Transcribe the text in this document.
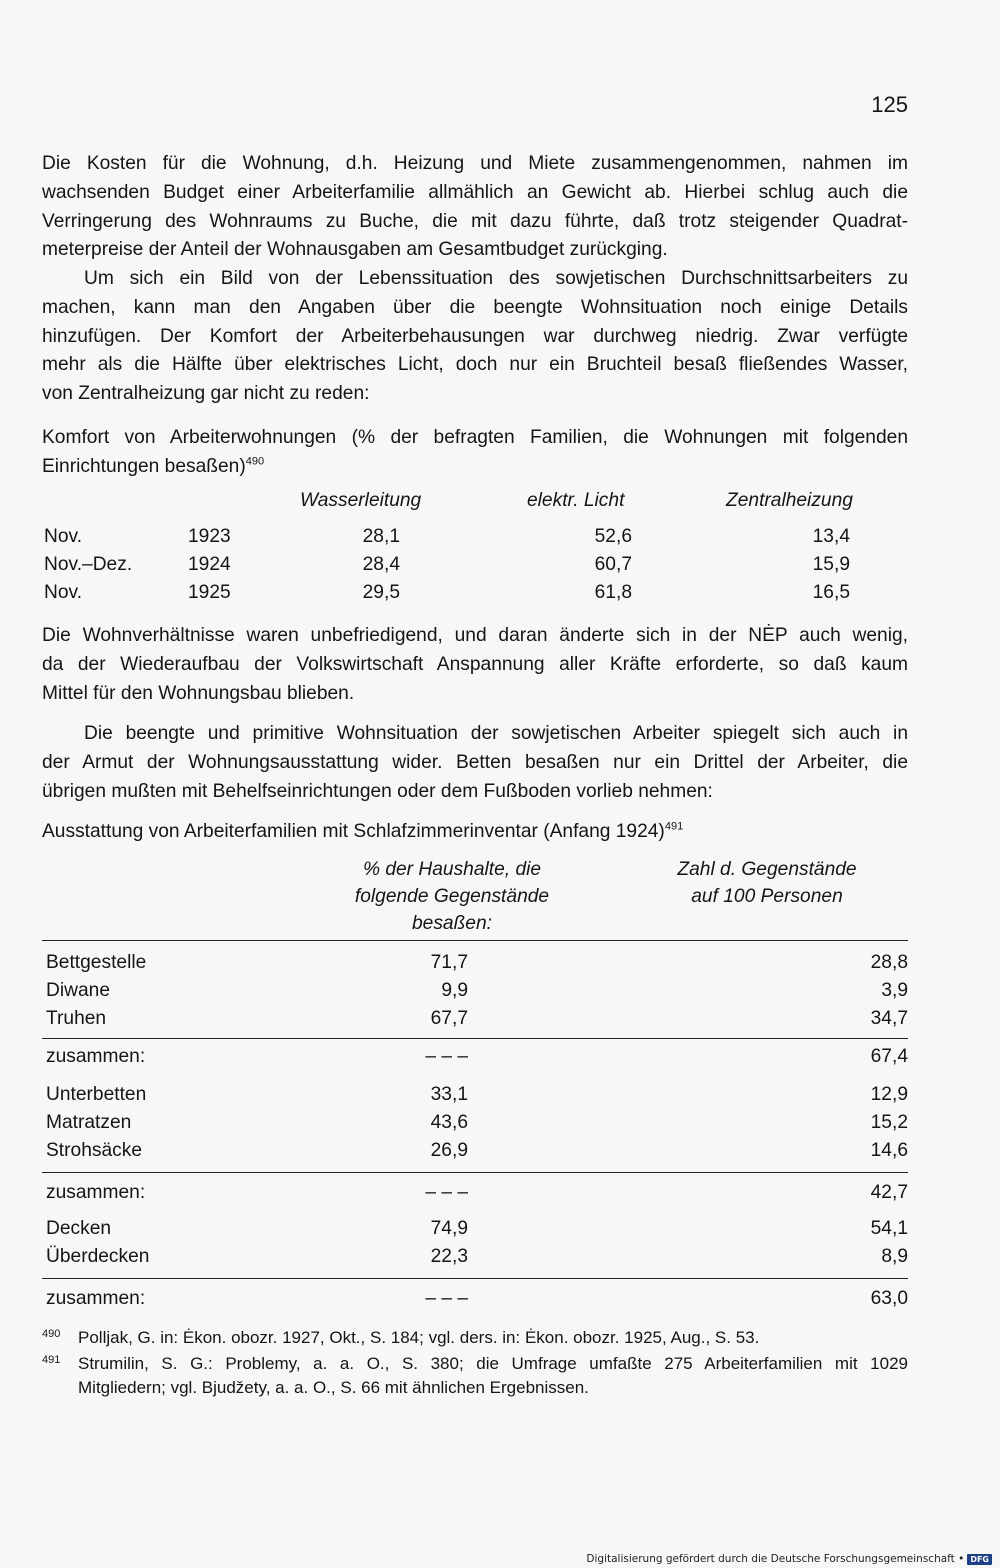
125
Die Kosten für die Wohnung, d.h. Heizung und Miete zusammengenommen, nahmen im
wachsenden Budget einer Arbeiterfamilie allmählich an Gewicht ab. Hierbei schlug auch die
Verringerung des Wohnraums zu Buche, die mit dazu führte, daß trotz steigender Quadrat-
meterpreise der Anteil der Wohnausgaben am Gesamtbudget zurückging.
Um sich ein Bild von der Lebenssituation des sowjetischen Durchschnittsarbeiters zu
machen, kann man den Angaben über die beengte Wohnsituation noch einige Details
hinzufügen. Der Komfort der Arbeiterbehausungen war durchweg niedrig. Zwar verfügte
mehr als die Hälfte über elektrisches Licht, doch nur ein Bruchteil besaß fließendes Wasser,
von Zentralheizung gar nicht zu reden:
Komfort von Arbeiterwohnungen (% der befragten Familien, die Wohnungen mit folgenden
Einrichtungen besaßen)$^{490}$
Wasserleitung	elektr. Licht	Zentralheizung
Nov.	1923	28,1	52,6	13,4
Nov.–Dez.	1924	28,4	60,7	15,9
Nov.	1925	29,5	61,8	16,5
Die Wohnverhältnisse waren unbefriedigend, und daran änderte sich in der NĖP auch wenig,
da der Wiederaufbau der Volkswirtschaft Anspannung aller Kräfte erforderte, so daß kaum
Mittel für den Wohnungsbau blieben.
Die beengte und primitive Wohnsituation der sowjetischen Arbeiter spiegelt sich auch in
der Armut der Wohnungsausstattung wider. Betten besaßen nur ein Drittel der Arbeiter, die
übrigen mußten mit Behelfseinrichtungen oder dem Fußboden vorlieb nehmen:
Ausstattung von Arbeiterfamilien mit Schlafzimmerinventar (Anfang 1924)$^{491}$
% der Haushalte, die
folgende Gegenstände
besaßen:
Zahl d. Gegenstände
auf 100 Personen
Bettgestelle	71,7	28,8
Diwane	9,9	3,9
Truhen	67,7	34,7
zusammen:	– – –	67,4
Unterbetten	33,1	12,9
Matratzen	43,6	15,2
Strohsäcke	26,9	14,6
zusammen:	– – –	42,7
Decken	74,9	54,1
Überdecken	22,3	8,9
zusammen:	– – –	63,0
490 Polljak, G. in: Ėkon. obozr. 1927, Okt., S. 184; vgl. ders. in: Ėkon. obozr. 1925, Aug., S. 53.
491 Strumilin, S. G.: Problemy, a. a. O., S. 380; die Umfrage umfaßte 275 Arbeiterfamilien mit 1029
Mitgliedern; vgl. Bjudžety, a. a. O., S. 66 mit ähnlichen Ergebnissen.
Digitalisierung gefördert durch die Deutsche Forschungsgemeinschaft • DFG
